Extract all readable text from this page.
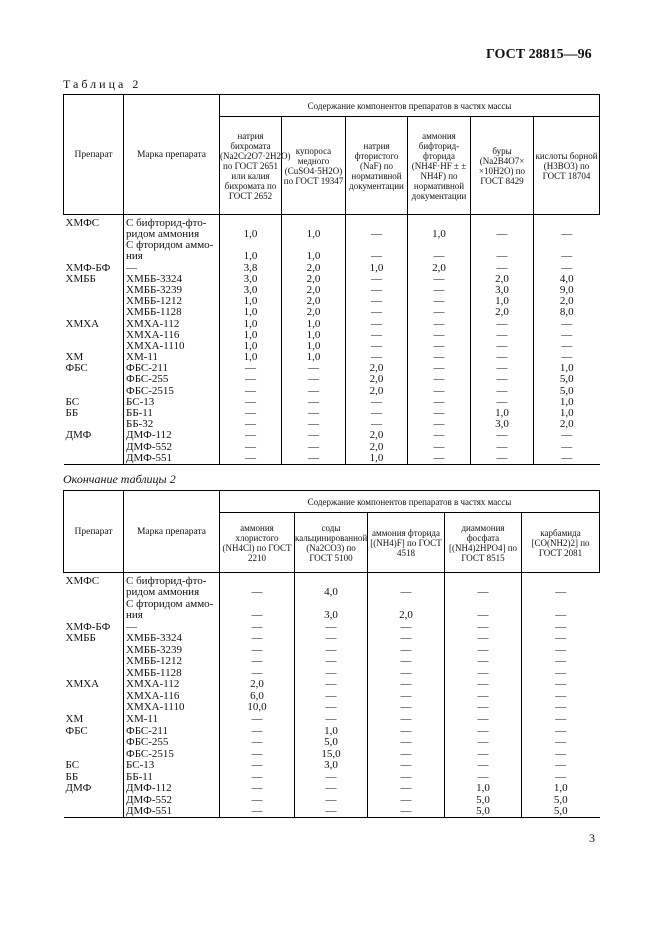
ГОСТ 28815—96
Таблица 2
Препарат	Марка препарата	Содержание компонентов препаратов в частях массы					
		натрия бихромата (Na2Cr2O7·2H2O) по ГОСТ 2651 или калия бихромата по ГОСТ 2652	купороса медного (CuSO4·5H2O) по ГОСТ 19347	натрия фтористого (NaF) по нормативной документации	аммония бифторид-фторида (NH4F·HF ± ± NH4F) по нормативной документации	буры (Na2B4O7× ×10H2O) по ГОСТ 8429	кислоты борной (H3BO3) по ГОСТ 18704
ХМФС	С бифторид-фто-						
	ридом аммония	1,0	1,0	—	1,0	—	—
	С фторидом аммо-						
	ния	1,0	1,0	—	—	—	—
ХМФ-БФ	—	3,8	2,0	1,0	2,0	—	—
ХМББ	ХМББ-3324	3,0	2,0	—	—	2,0	4,0
	ХМББ-3239	3,0	2,0	—	—	3,0	9,0
	ХМББ-1212	1,0	2,0	—	—	1,0	2,0
	ХМББ-1128	1,0	2,0	—	—	2,0	8,0
ХМХА	ХМХА-112	1,0	1,0	—	—	—	—
	ХМХА-116	1,0	1,0	—	—	—	—
	ХМХА-1110	1,0	1,0	—	—	—	—
ХМ	ХМ-11	1,0	1,0	—	—	—	—
ФБС	ФБС-211	—	—	2,0	—	—	1,0
	ФБС-255	—	—	2,0	—	—	5,0
	ФБС-2515	—	—	2,0	—	—	5,0
БС	БС-13	—	—	—	—	—	1,0
ББ	ББ-11	—	—	—	—	1,0	1,0
	ББ-32	—	—	—	—	3,0	2,0
ДМФ	ДМФ-112	—	—	2,0	—	—	—
	ДМФ-552	—	—	2,0	—	—	—
	ДМФ-551	—	—	1,0	—	—	—
Окончание таблицы 2
Препарат	Марка препарата	Содержание компонентов препаратов в частях массы				
		аммония хлористого (NH4Cl) по ГОСТ 2210	соды кальцинированной (Na2CO3) по ГОСТ 5100	аммония фторида [(NH4)F] по ГОСТ 4518	диаммония фосфата [(NH4)2HPO4] по ГОСТ 8515	карбамида [CO(NH2)2] по ГОСТ 2081
ХМФС	С бифторид-фто-					
	ридом аммония	—	4,0	—	—	—
	С фторидом аммо-					
	ния	—	3,0	2,0	—	—
ХМФ-БФ	—	—	—	—	—	—
ХМББ	ХМББ-3324	—	—	—	—	—
	ХМББ-3239	—	—	—	—	—
	ХМББ-1212	—	—	—	—	—
	ХМББ-1128	—	—	—	—	—
ХМХА	ХМХА-112	2,0	—	—	—	—
	ХМХА-116	6,0	—	—	—	—
	ХМХА-1110	10,0	—	—	—	—
ХМ	ХМ-11	—	—	—	—	—
ФБС	ФБС-211	—	1,0	—	—	—
	ФБС-255	—	5,0	—	—	—
	ФБС-2515	—	15,0	—	—	—
БС	БС-13	—	3,0	—	—	—
ББ	ББ-11	—	—	—	—	—
ДМФ	ДМФ-112	—	—	—	1,0	1,0
	ДМФ-552	—	—	—	5,0	5,0
	ДМФ-551	—	—	—	5,0	5,0
3
